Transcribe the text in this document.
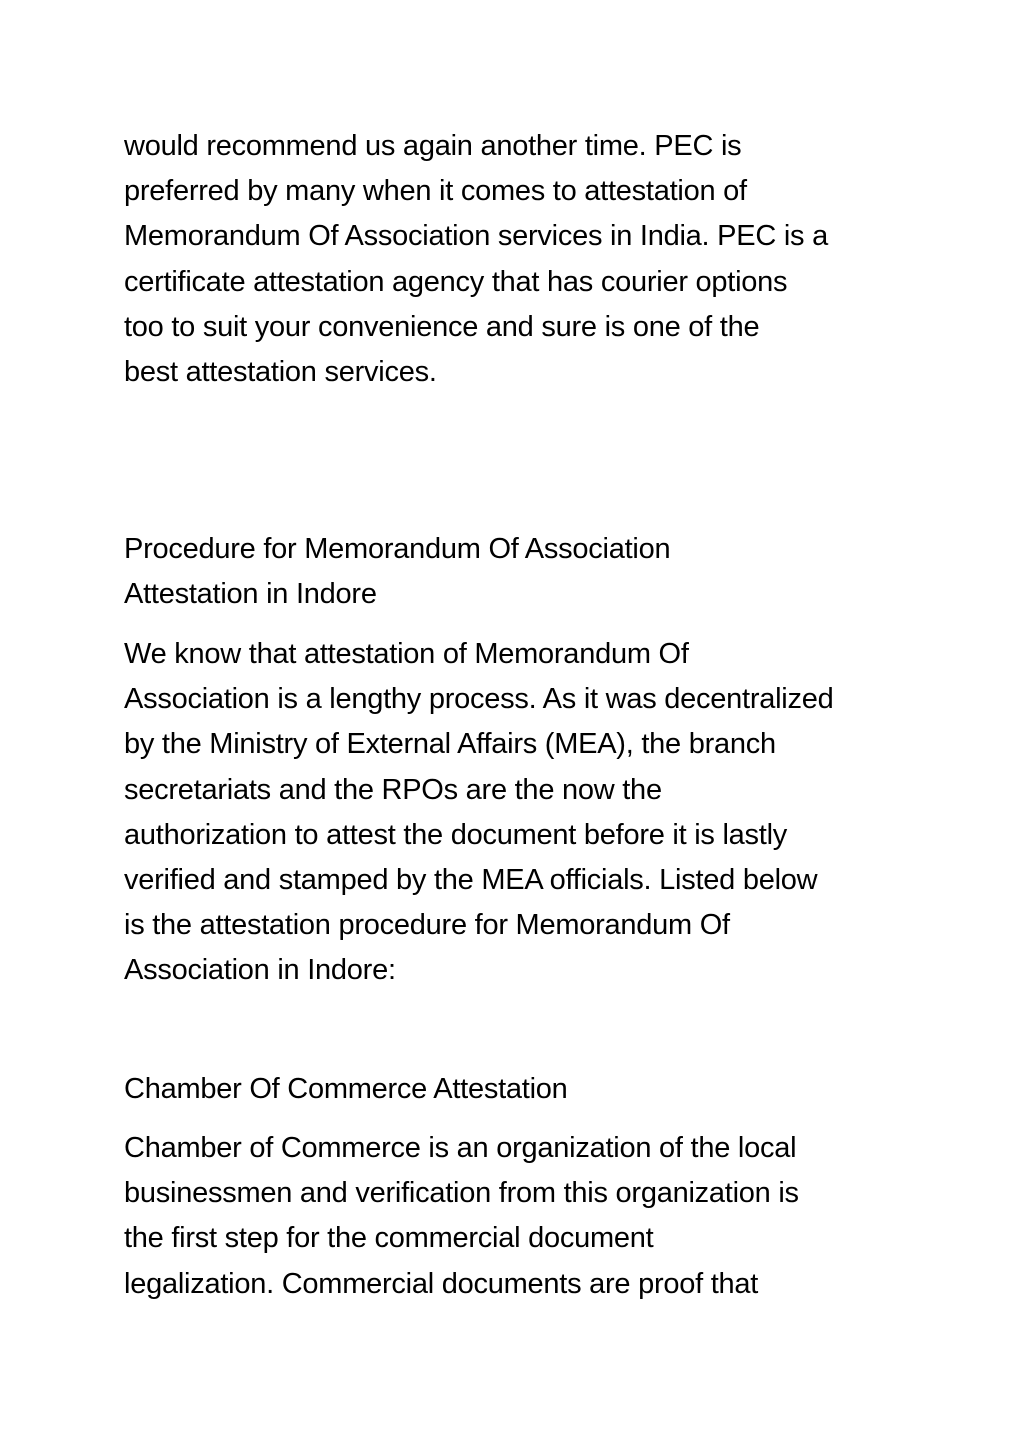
would recommend us again another time. PEC is
preferred by many when it comes to attestation of
Memorandum Of Association services in India. PEC is a
certificate attestation agency that has courier options
too to suit your convenience and sure is one of the
best attestation services.

Procedure for Memorandum Of Association
Attestation in Indore

We know that attestation of Memorandum Of
Association is a lengthy process. As it was decentralized
by the Ministry of External Affairs (MEA), the branch
secretariats and the RPOs are the now the
authorization to attest the document before it is lastly
verified and stamped by the MEA officials. Listed below
is the attestation procedure for Memorandum Of
Association in Indore:

Chamber Of Commerce Attestation

Chamber of Commerce is an organization of the local
businessmen and verification from this organization is
the first step for the commercial document
legalization. Commercial documents are proof that
